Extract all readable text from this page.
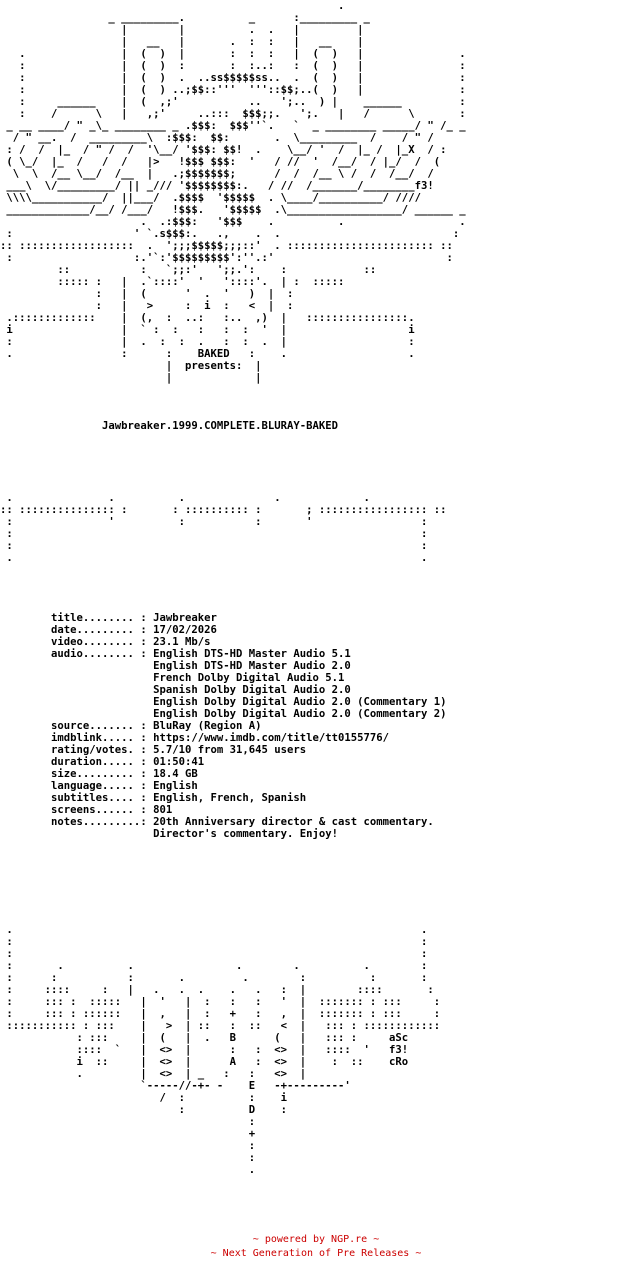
.
_ _________.          _      :_________ _
|        |          .  .   |         |
|   __   |       .  :  :   |   __    |
.               |  (  )  |       :  :  :   |  (  )   |               .
:               |  (  )  :       :  :..:   :  (  )   |               :
:               |  (  )  .  ..ss$$$$$ss..  .  (  )   |               :
:               |  (  ) ..;$$::'''  '''::$$;..(  )   |               :
:     ______    |  (  ,;'           ..   ';..  ) |    ______         :
:    /      \   |   ,;'     ..:::  $$$;;.   ';.   |   /      \       :
_ __ ____/ " _\_ ________ _ .$$$:  $$$''`.   `  _ ________ _____/ " /_ _
/ " __.  /  _________\  :$$$:  $$:       .  \_________  /    / " /
: /  /  |_  / " /  /  '\__/ '$$$: $$!  .    \__/ '  /  |_ /  |_X  / :
( \_/  |_  /   /  /   |>   !$$$ $$$:  '   / //  '  /__/  / |_/  /  (
\  \  /__ \__/  /__  |   .;$$$$$$$;      /  /  /__ \ /  /  /__/  /
___\  \/_________/ || _/// '$$$$$$$$:.   / //  /_______/________f3!
\\\\___________/  ||___/  .$$$$  '$$$$$  . \____/__________/ ////
_____________/__/ /___/   !$$$.   '$$$$$  .\__________________/ ______ _
.  .:$$$:   '$$$    .          .                  .
:                   ' `.s$$$:.   .,    .  .                           :
:: ::::::::::::::::::  .  ';;;$$$$$;;;::'  . ::::::::::::::::::::::: ::
:                   :.'`:'$$$$$$$$$':''.:'                           :
::           :   `;;:'   ';;.':    :            ::
::::: :   |  .`::::'  '   '::::'.  | :  :::::
:   |  (      '  .  '   )  |  :
:   |   >     :  i  :   <  |  :
.:::::::::::::    |  (,  :  ..:   :..  ,)  |   ::::::::::::::::.
i                 |  ` :  :   :   :  :  '  |                   i
:                 |  .  :  :  .   :  :  .  |                   :
.                 :      :    BAKED   :    .                   .
|  presents:  |
|             |

Jawbreaker.1999.COMPLETE.BLURAY-BAKED

.               .          .              .             .
:: ::::::::::::::: :       : :::::::::: :       ; ::::::::::::::::: ::
:               '          :           :       '                 :
:                                                                :
:                                                                :
.                                                                .

title........ : Jawbreaker
date......... : 17/02/2026
video........ : 23.1 Mb/s
audio........ : English DTS-HD Master Audio 5.1
English DTS-HD Master Audio 2.0
French Dolby Digital Audio 5.1
Spanish Dolby Digital Audio 2.0
English Dolby Digital Audio 2.0 (Commentary 1)
English Dolby Digital Audio 2.0 (Commentary 2)
source....... : BluRay (Region A)
imdblink..... : https://www.imdb.com/title/tt0155776/
rating/votes. : 5.7/10 from 31,645 users
duration..... : 01:50:41
size......... : 18.4 GB
language..... : English
subtitles.... : English, French, Spanish
screens...... : 801
notes.........: 20th Anniversary director & cast commentary.
Director's commentary. Enjoy!

.                                                                .
:                                                                :
:                                                                :
:       .          .                .        .          .        :
:      :           :       .         .        :          :       :
:     ::::     :   |   .   .  .    .   .   :  |        ::::       :
:     ::: :  :::::   |  '   |  :   :   :   '  |  ::::::: : :::     :
:     ::: : ::::::   |  ,   |  :   +   :   ,  |  ::::::: : :::     :
::::::::::: : :::    |   >  | ::   :  ::   <  |   ::: : ::::::::::::
: :::     |  (   |  .   B      (   |   ::: :     aSc
::::  `   |  <>  |      :   :  <>  |   ::::  '   f3!
i  ::     |  <>  |      A   :  <>  |    :  ::    cRo
.         |  <>  | _   :   :   <>  |
`-----//-+- -    E   -+---------'
/  :          :    i
:          D    :
:
+
:
:
.

~ powered by NGP.re ~
~ Next Generation of Pre Releases ~
